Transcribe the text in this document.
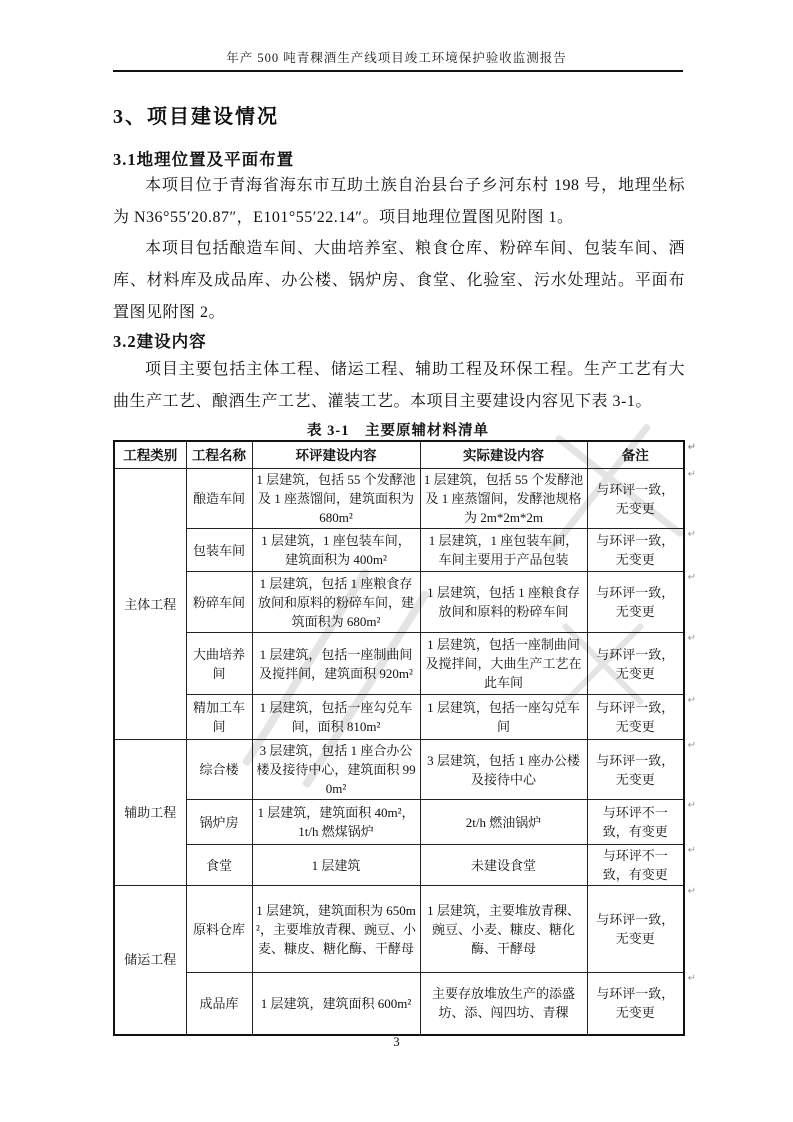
年产 500 吨青稞酒生产线项目竣工环境保护验收监测报告
3、项目建设情况
3.1地理位置及平面布置
本项目位于青海省海东市互助土族自治县台子乡河东村 198 号，地理坐标为 N36°55′20.87″，E101°55′22.14″。项目地理位置图见附图 1。
本项目包括酿造车间、大曲培养室、粮食仓库、粉碎车间、包装车间、酒库、材料库及成品库、办公楼、锅炉房、食堂、化验室、污水处理站。平面布置图见附图 2。
3.2建设内容
项目主要包括主体工程、储运工程、辅助工程及环保工程。生产工艺有大曲生产工艺、酿酒生产工艺、灌装工艺。本项目主要建设内容见下表 3-1。
表 3-1　主要原辅材料清单
工程类别	工程名称	环评建设内容	实际建设内容	备注 ↵

主体工程	酿造车间	1 层建筑，包括 55 个发酵池及 1 座蒸馏间，建筑面积为 680m²	1 层建筑，包括 55 个发酵池及 1 座蒸馏间，发酵池规格为 2m*2m*2m	与环评一致，无变更
↵

	包装车间	1 层建筑，1 座包装车间，建筑面积为 400m²	1 层建筑，1 座包装车间，车间主要用于产品包装	与环评一致，无变更
↵

	粉碎车间	1 层建筑，包括 1 座粮食存放间和原料的粉碎车间，建筑面积为 680m²	1 层建筑，包括 1 座粮食存放间和原料的粉碎车间	与环评一致，无变更
↵

	大曲培养间	1 层建筑，包括一座制曲间及搅拌间，建筑面积 920m²	1 层建筑，包括一座制曲间及搅拌间，大曲生产工艺在此车间	与环评一致，无变更
↵

	精加工车间	1 层建筑，包括一座勾兑车间，面积 810m²	1 层建筑，包括一座勾兑车间	与环评一致，无变更
↵

辅助工程	综合楼	3 层建筑，包括 1 座合办公楼及接待中心，建筑面积 990m²	3 层建筑，包括 1 座办公楼及接待中心	与环评一致，无变更
↵

	锅炉房	1 层建筑，建筑面积 40m²，1t/h 燃煤锅炉	2t/h 燃油锅炉	与环评不一致，有变更
↵

	食堂	1 层建筑	未建设食堂	与环评不一致，有变更
↵

储运工程	原料仓库	1 层建筑，建筑面积为 650m²，主要堆放青稞、豌豆、小麦、糠皮、糖化酶、干酵母	1 层建筑，主要堆放青稞、豌豆、小麦、糠皮、糖化酶、干酵母	与环评一致，无变更
↵

	成品库	1 层建筑，建筑面积 600m²	主要存放堆放生产的添盛坊、添、闯四坊、青稞	与环评一致，无变更
↵
3
